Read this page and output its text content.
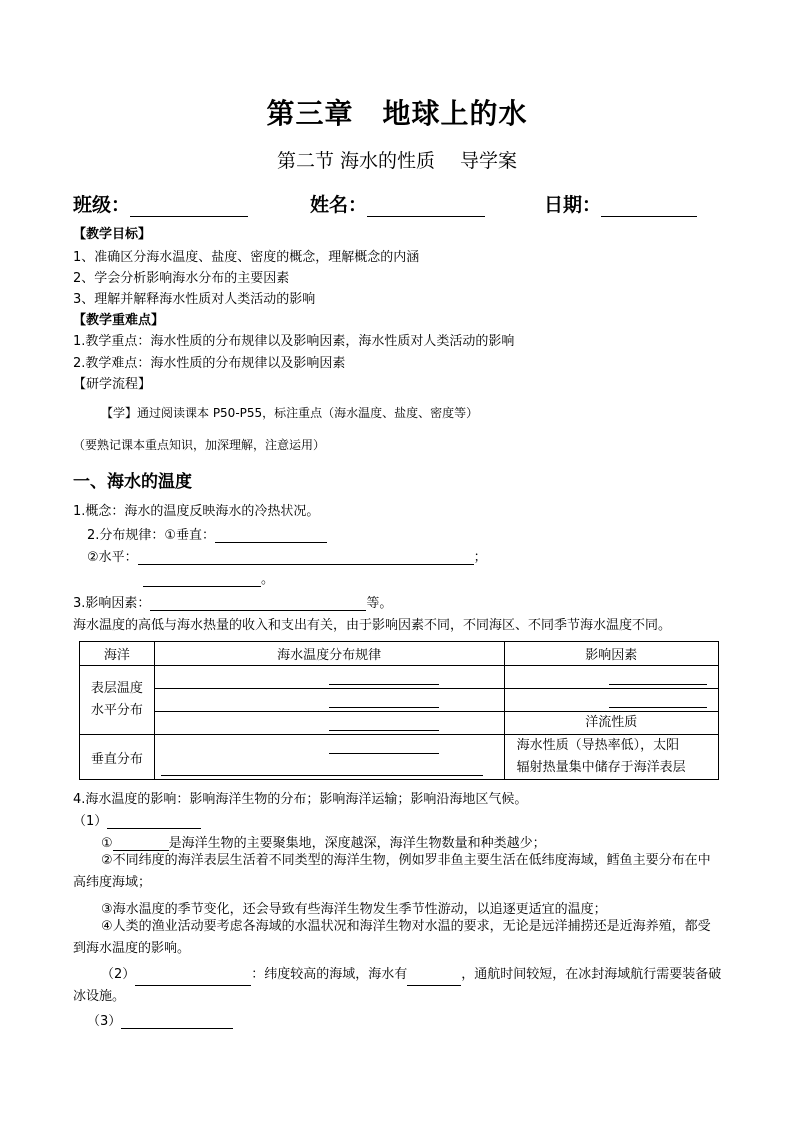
第三章　地球上的水
第二节 海水的性质　 导学案
班级：	姓名：	日期：
【教学目标】
1、准确区分海水温度、盐度、密度的概念，理解概念的内涵
2、学会分析影响海水分布的主要因素
3、理解并解释海水性质对人类活动的影响
【教学重难点】
1.教学重点：海水性质的分布规律以及影响因素，海水性质对人类活动的影响
2.教学难点：海水性质的分布规律以及影响因素
【研学流程】
【学】通过阅读课本 P50-P55，标注重点（海水温度、盐度、密度等）
（要熟记课本重点知识，加深理解，注意运用）
一、海水的温度
1.概念：海水的温度反映海水的冷热状况。
2.分布规律：①垂直：
②水平：	；
。
3.影响因素：	等。
海水温度的高低与海水热量的收入和支出有关，由于影响因素不同，不同海区、不同季节海水温度不同。
海洋	海水温度分布规律	影响因素

表层温度
水平分布		洋流性质

垂直分布		海水性质（导热率低），太阳
辐射热量集中储存于海洋表层
4.海水温度的影响：影响海洋生物的分布；影响海洋运输；影响沿海地区气候。
（1）
①	是海洋生物的主要聚集地，深度越深，海洋生物数量和种类越少；
②不同纬度的海洋表层生活着不同类型的海洋生物，例如罗非鱼主要生活在低纬度海域，鳕鱼主要分布在中高纬度海域；
③海水温度的季节变化，还会导致有些海洋生物发生季节性游动，以追逐更适宜的温度；
④人类的渔业活动要考虑各海域的水温状况和海洋生物对水温的要求，无论是远洋捕捞还是近海养殖，都受到海水温度的影响。
（2）	：纬度较高的海域，海水有	，通航时间较短，在冰封海域航行需要装备破冰设施。
（3）
